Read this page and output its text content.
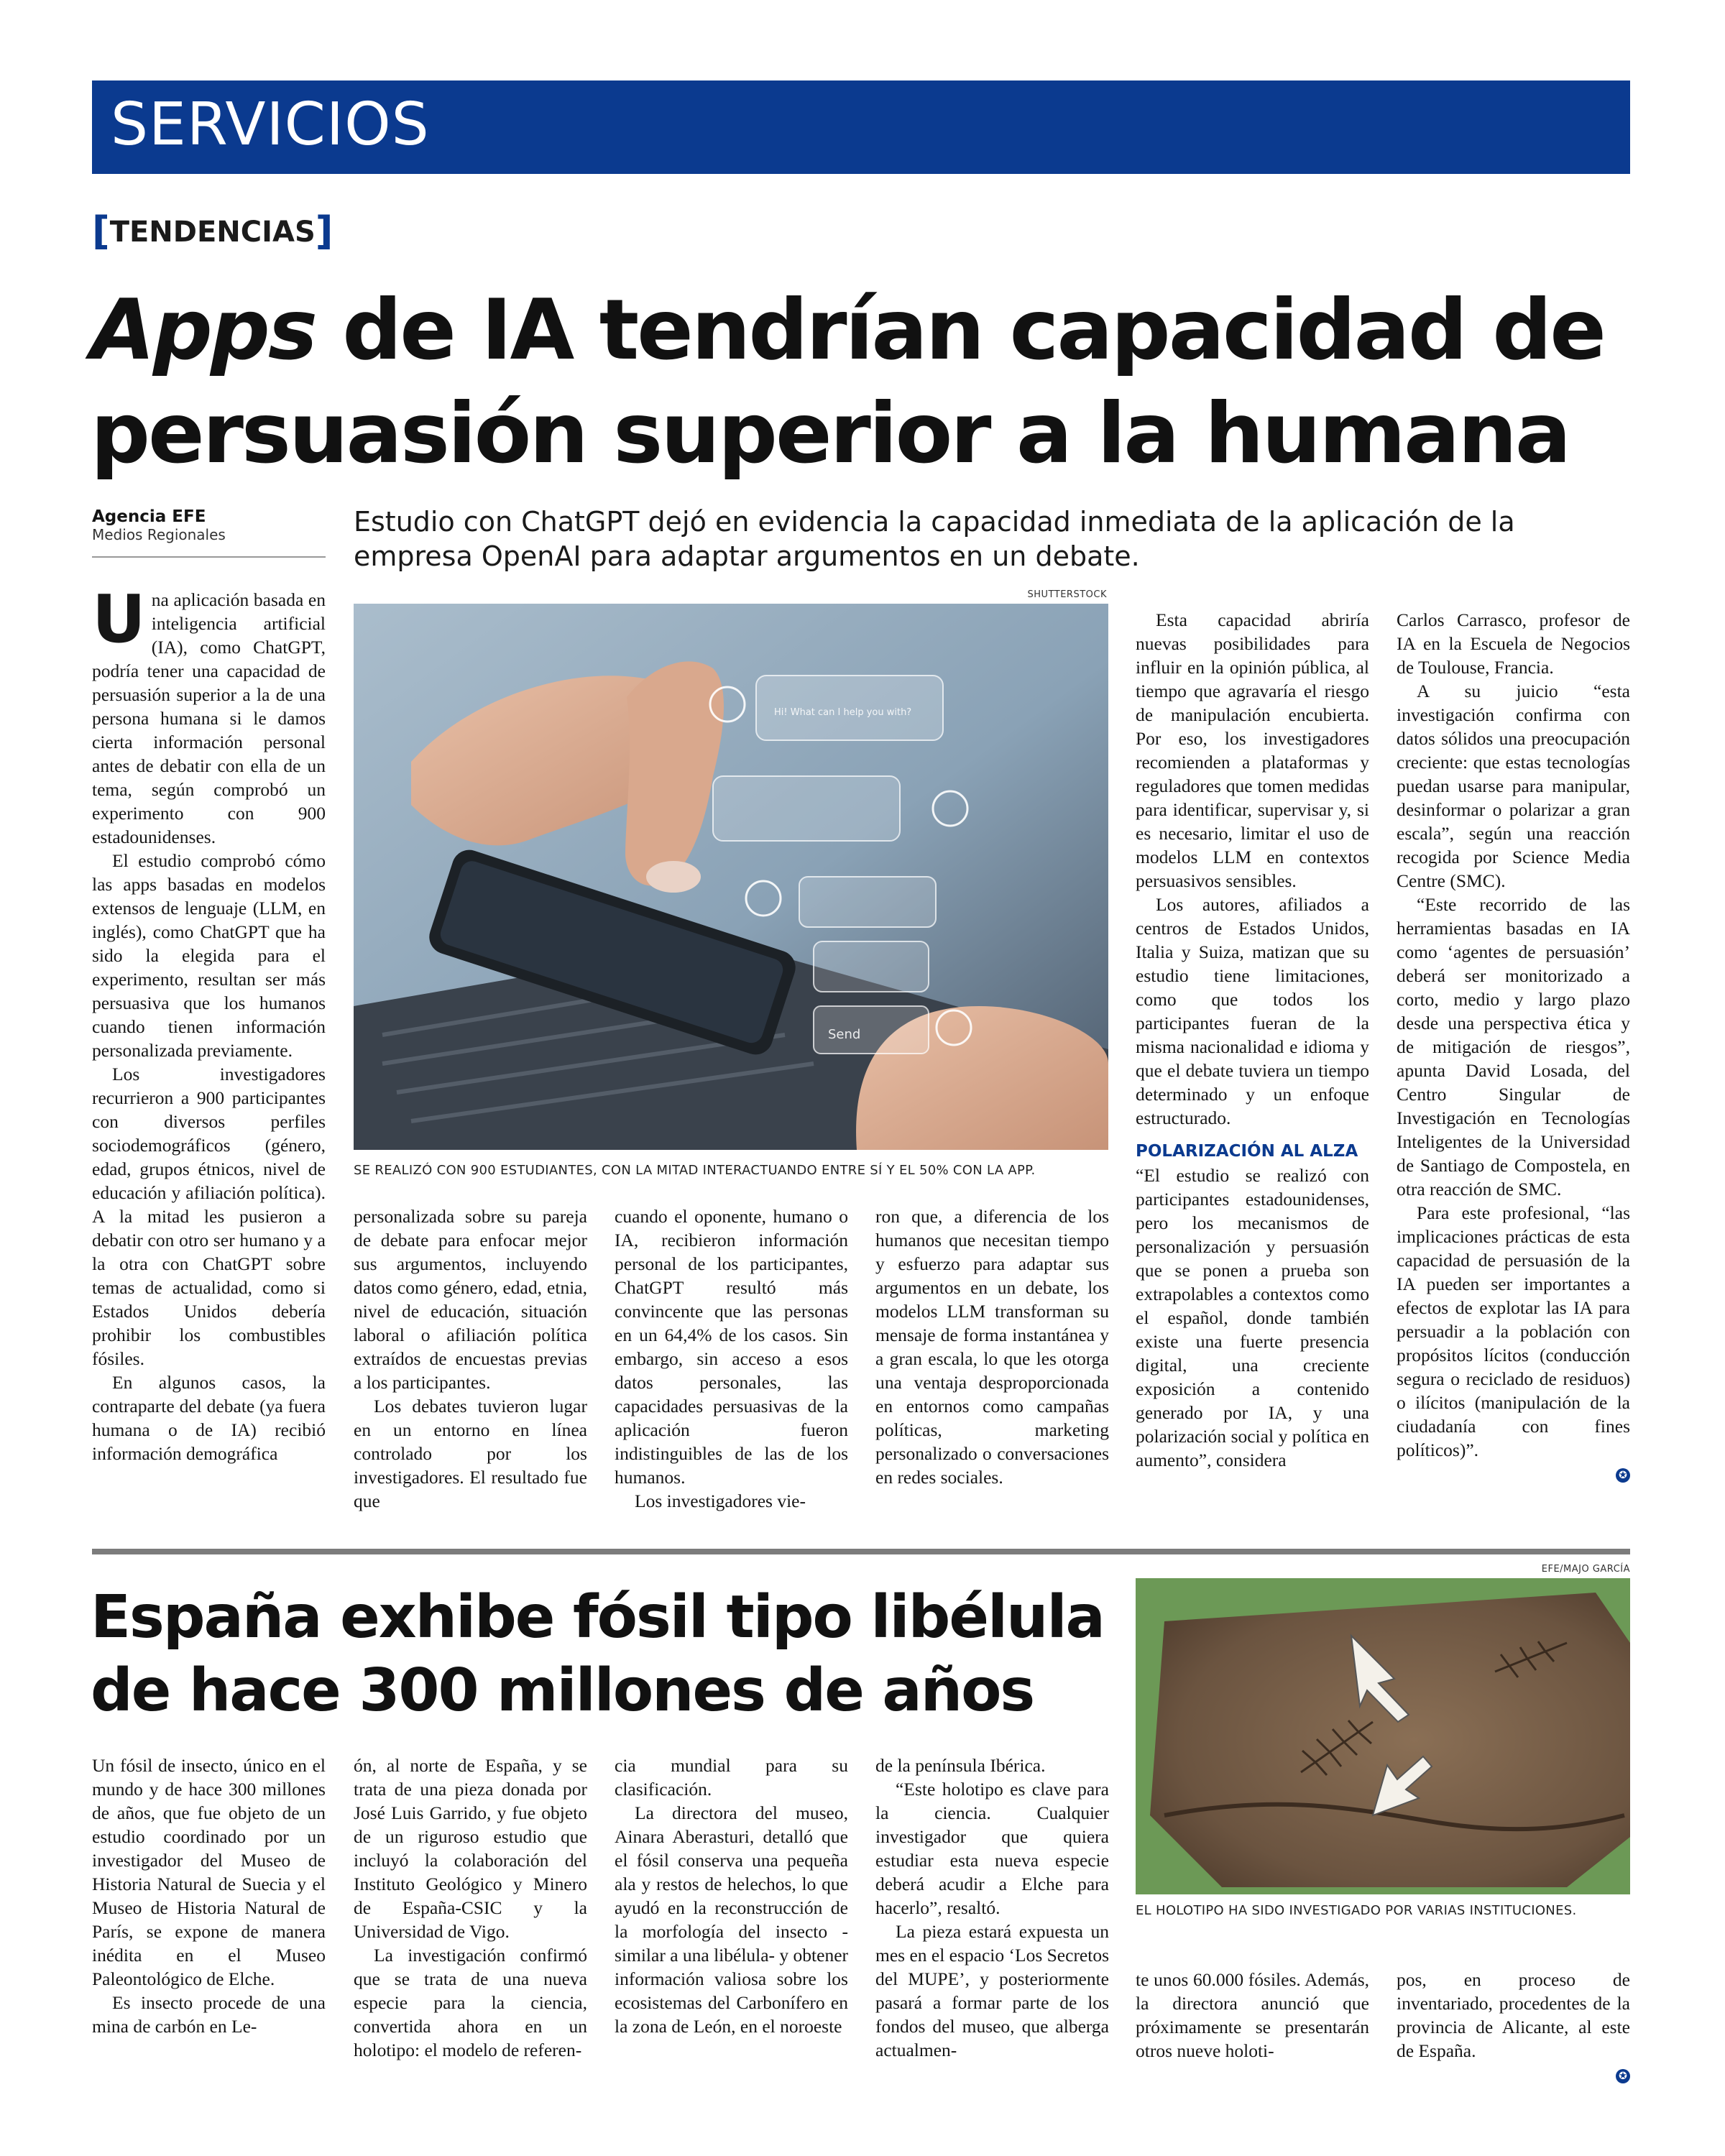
SERVICIOS
[TENDENCIAS]
Apps de IA tendrían capacidad de persuasión superior a la humana
Agencia EFE
Medios Regionales	Estudio con ChatGPT dejó en evidencia la capacidad inmediata de la aplicación de la empresa OpenAI para adaptar argumentos en un debate.
SHUTTERSTOCK
Hi! What can I help you with?
Send
SE REALIZÓ CON 900 ESTUDIANTES, CON LA MITAD INTERACTUANDO ENTRE SÍ Y EL 50% CON LA APP.
U na aplicación basada en inteligencia artificial (IA), como ChatGPT, podría tener una capacidad de persuasión superior a la de una persona humana si le damos cierta información personal antes de debatir con ella de un tema, según comprobó un experimento con 900 estadounidenses.

El estudio comprobó cómo las apps basadas en modelos extensos de lenguaje (LLM, en inglés), como ChatGPT que ha sido la elegida para el experimento, resultan ser más persuasiva que los humanos cuando tienen información personalizada previamente.

Los investigadores recurrieron a 900 participantes con diversos perfiles sociodemográficos (género, edad, grupos étnicos, nivel de educación y afiliación política). A la mitad les pusieron a debatir con otro ser humano y a la otra con ChatGPT sobre temas de actualidad, como si Estados Unidos debería prohibir los combustibles fósiles.

En algunos casos, la contraparte del debate (ya fuera humana o de IA) recibió información demográfica

personalizada sobre su pareja de debate para enfocar mejor sus argumentos, incluyendo datos como género, edad, etnia, nivel de educación, situación laboral o afiliación política extraídos de encuestas previas a los participantes.

Los debates tuvieron lugar en un entorno en línea controlado por los investigadores. El resultado fue que

cuando el oponente, humano o IA, recibieron información personal de los participantes, ChatGPT resultó más convincente que las personas en un 64,4% de los casos. Sin embargo, sin acceso a esos datos personales, las capacidades persuasivas de la aplicación fueron indistinguibles de las de los humanos.

Los investigadores vie-

ron que, a diferencia de los humanos que necesitan tiempo y esfuerzo para adaptar sus argumentos en un debate, los modelos LLM transforman su mensaje de forma instantánea y a gran escala, lo que les otorga una ventaja desproporcionada en entornos como campañas políticas, marketing personalizado o conversaciones en redes sociales.

Esta capacidad abriría nuevas posibilidades para influir en la opinión pública, al tiempo que agravaría el riesgo de manipulación encubierta. Por eso, los investigadores recomienden a plataformas y reguladores que tomen medidas para identificar, supervisar y, si es necesario, limitar el uso de modelos LLM en contextos persuasivos sensibles.

Los autores, afiliados a centros de Estados Unidos, Italia y Suiza, matizan que su estudio tiene limitaciones, como que todos los participantes fueran de la misma nacionalidad e idioma y que el debate tuviera un tiempo determinado y un enfoque estructurado.

POLARIZACIÓN AL ALZA

“El estudio se realizó con participantes estadounidenses, pero los mecanismos de personalización y persuasión que se ponen a prueba son extrapolables a contextos como el español, donde también existe una fuerte presencia digital, una creciente exposición a contenido generado por IA, y una polarización social y política en aumento”, considera

Carlos Carrasco, profesor de IA en la Escuela de Negocios de Toulouse, Francia.

A su juicio “esta investigación confirma con datos sólidos una preocupación creciente: que estas tecnologías puedan usarse para manipular, desinformar o polarizar a gran escala”, según una reacción recogida por Science Media Centre (SMC).

“Este recorrido de las herramientas basadas en IA como ‘agentes de persuasión’ deberá ser monitorizado a corto, medio y largo plazo desde una perspectiva ética y de mitigación de riesgos”, apunta David Losada, del Centro Singular de Investigación en Tecnologías Inteligentes de la Universidad de Santiago de Compostela, en otra reacción de SMC.

Para este profesional, “las implicaciones prácticas de esta capacidad de persuasión de la IA pueden ser importantes a efectos de explotar las IA para persuadir a la población con propósitos lícitos (conducción segura o reciclado de residuos) o ilícitos (manipulación de la ciudadanía con fines políticos)”.

✪

España exhibe fósil tipo libélula de hace 300 millones de años
EFE/MAJO GARCÍA
EL HOLOTIPO HA SIDO INVESTIGADO POR VARIAS INSTITUCIONES.

Un fósil de insecto, único en el mundo y de hace 300 millones de años, que fue objeto de un estudio coordinado por un investigador del Museo de Historia Natural de Suecia y el Museo de Historia Natural de París, se expone de manera inédita en el Museo Paleontológico de Elche.

Es insecto procede de una mina de carbón en Le-

ón, al norte de España, y se trata de una pieza donada por José Luis Garrido, y fue objeto de un riguroso estudio que incluyó la colaboración del Instituto Geológico y Minero de España-CSIC y la Universidad de Vigo.

La investigación confirmó que se trata de una nueva especie para la ciencia, convertida ahora en un holotipo: el modelo de referen-

cia mundial para su clasificación.

La directora del museo, Ainara Aberasturi, detalló que el fósil conserva una pequeña ala y restos de helechos, lo que ayudó en la reconstrucción de la morfología del insecto -similar a una libélula- y obtener información valiosa sobre los ecosistemas del Carbonífero en la zona de León, en el noroeste

de la península Ibérica.

“Este holotipo es clave para la ciencia. Cualquier investigador que quiera estudiar esta nueva especie deberá acudir a Elche para hacerlo”, resaltó.

La pieza estará expuesta un mes en el espacio ‘Los Secretos del MUPE’, y posteriormente pasará a formar parte de los fondos del museo, que alberga actualmen-

te unos 60.000 fósiles. Además, la directora anunció que próximamente se presentarán otros nueve holoti-

pos, en proceso de inventariado, procedentes de la provincia de Alicante, al este de España.

✪
